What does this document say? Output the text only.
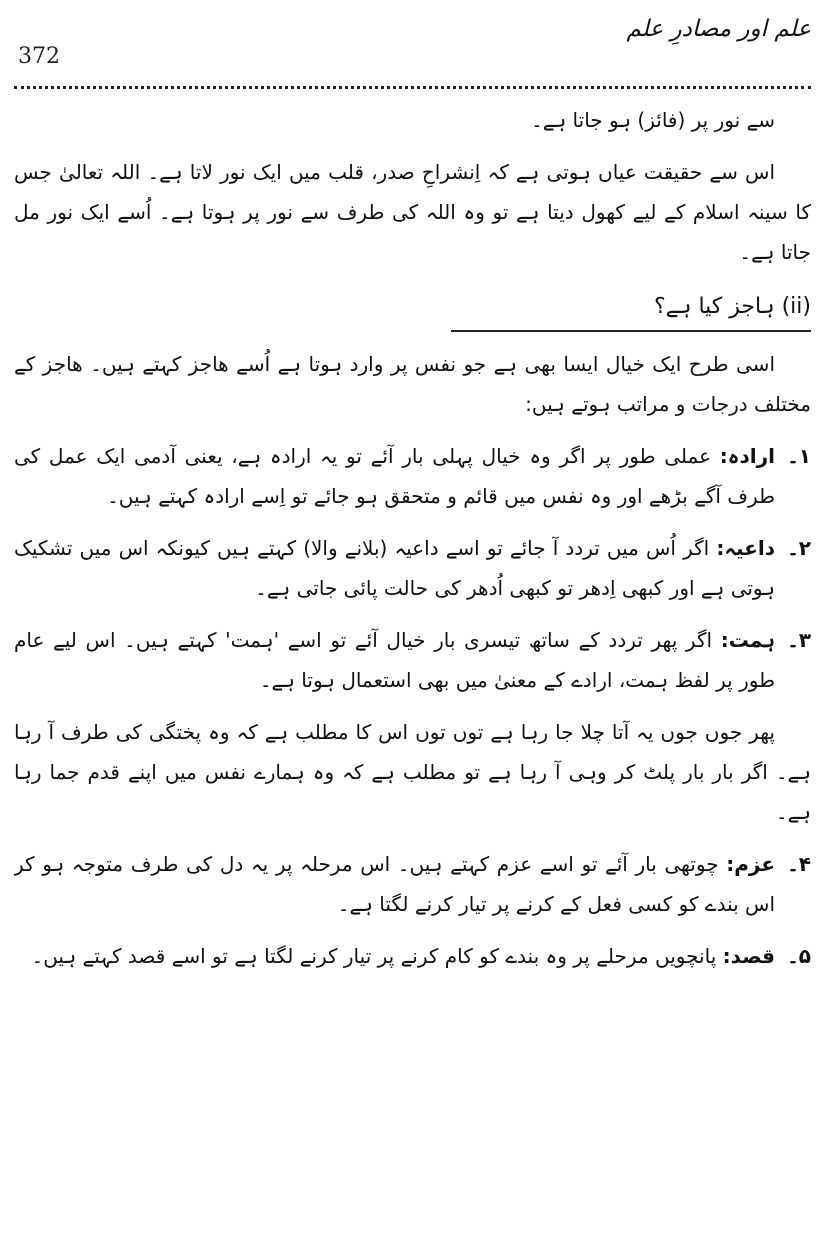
علم اور مصادرِ علم
372

سے نور پر (فائز) ہو جاتا ہے۔

اس سے حقیقت عیاں ہوتی ہے کہ اِنشراحِ صدر، قلب میں ایک نور لاتا ہے۔ اللہ تعالیٰ جس کا سینہ اسلام کے لیے کھول دیتا ہے تو وہ اللہ کی طرف سے نور پر ہوتا ہے۔ اُسے ایک نور مل جاتا ہے۔

(ii) ہاجز کیا ہے؟

اسی طرح ایک خیال ایسا بھی ہے جو نفس پر وارد ہوتا ہے اُسے ھاجز کہتے ہیں۔ ھاجز کے مختلف درجات و مراتب ہوتے ہیں:

۱۔
ارادہ: عملی طور پر اگر وہ خیال پہلی بار آئے تو یہ ارادہ ہے، یعنی آدمی ایک عمل کی طرف آگے بڑھے اور وہ نفس میں قائم و متحقق ہو جائے تو اِسے ارادہ کہتے ہیں۔
۲۔
داعیہ: اگر اُس میں تردد آ جائے تو اسے داعیہ (بلانے والا) کہتے ہیں کیونکہ اس میں تشکیک ہوتی ہے اور کبھی اِدھر تو کبھی اُدھر کی حالت پائی جاتی ہے۔
۳۔
ہمت: اگر پھر تردد کے ساتھ تیسری بار خیال آئے تو اسے 'ہمت' کہتے ہیں۔ اس لیے عام طور پر لفظ ہمت، ارادے کے معنیٰ میں بھی استعمال ہوتا ہے۔

پھر جوں جوں یہ آتا چلا جا رہا ہے توں توں اس کا مطلب ہے کہ وہ پختگی کی طرف آ رہا ہے۔ اگر بار بار پلٹ کر وہی آ رہا ہے تو مطلب ہے کہ وہ ہمارے نفس میں اپنے قدم جما رہا ہے۔

۴۔
عزم: چوتھی بار آئے تو اسے عزم کہتے ہیں۔ اس مرحلہ پر یہ دل کی طرف متوجہ ہو کر اس بندے کو کسی فعل کے کرنے پر تیار کرنے لگتا ہے۔
۵۔
قصد: پانچویں مرحلے پر وہ بندے کو کام کرنے پر تیار کرنے لگتا ہے تو اسے قصد کہتے ہیں۔
